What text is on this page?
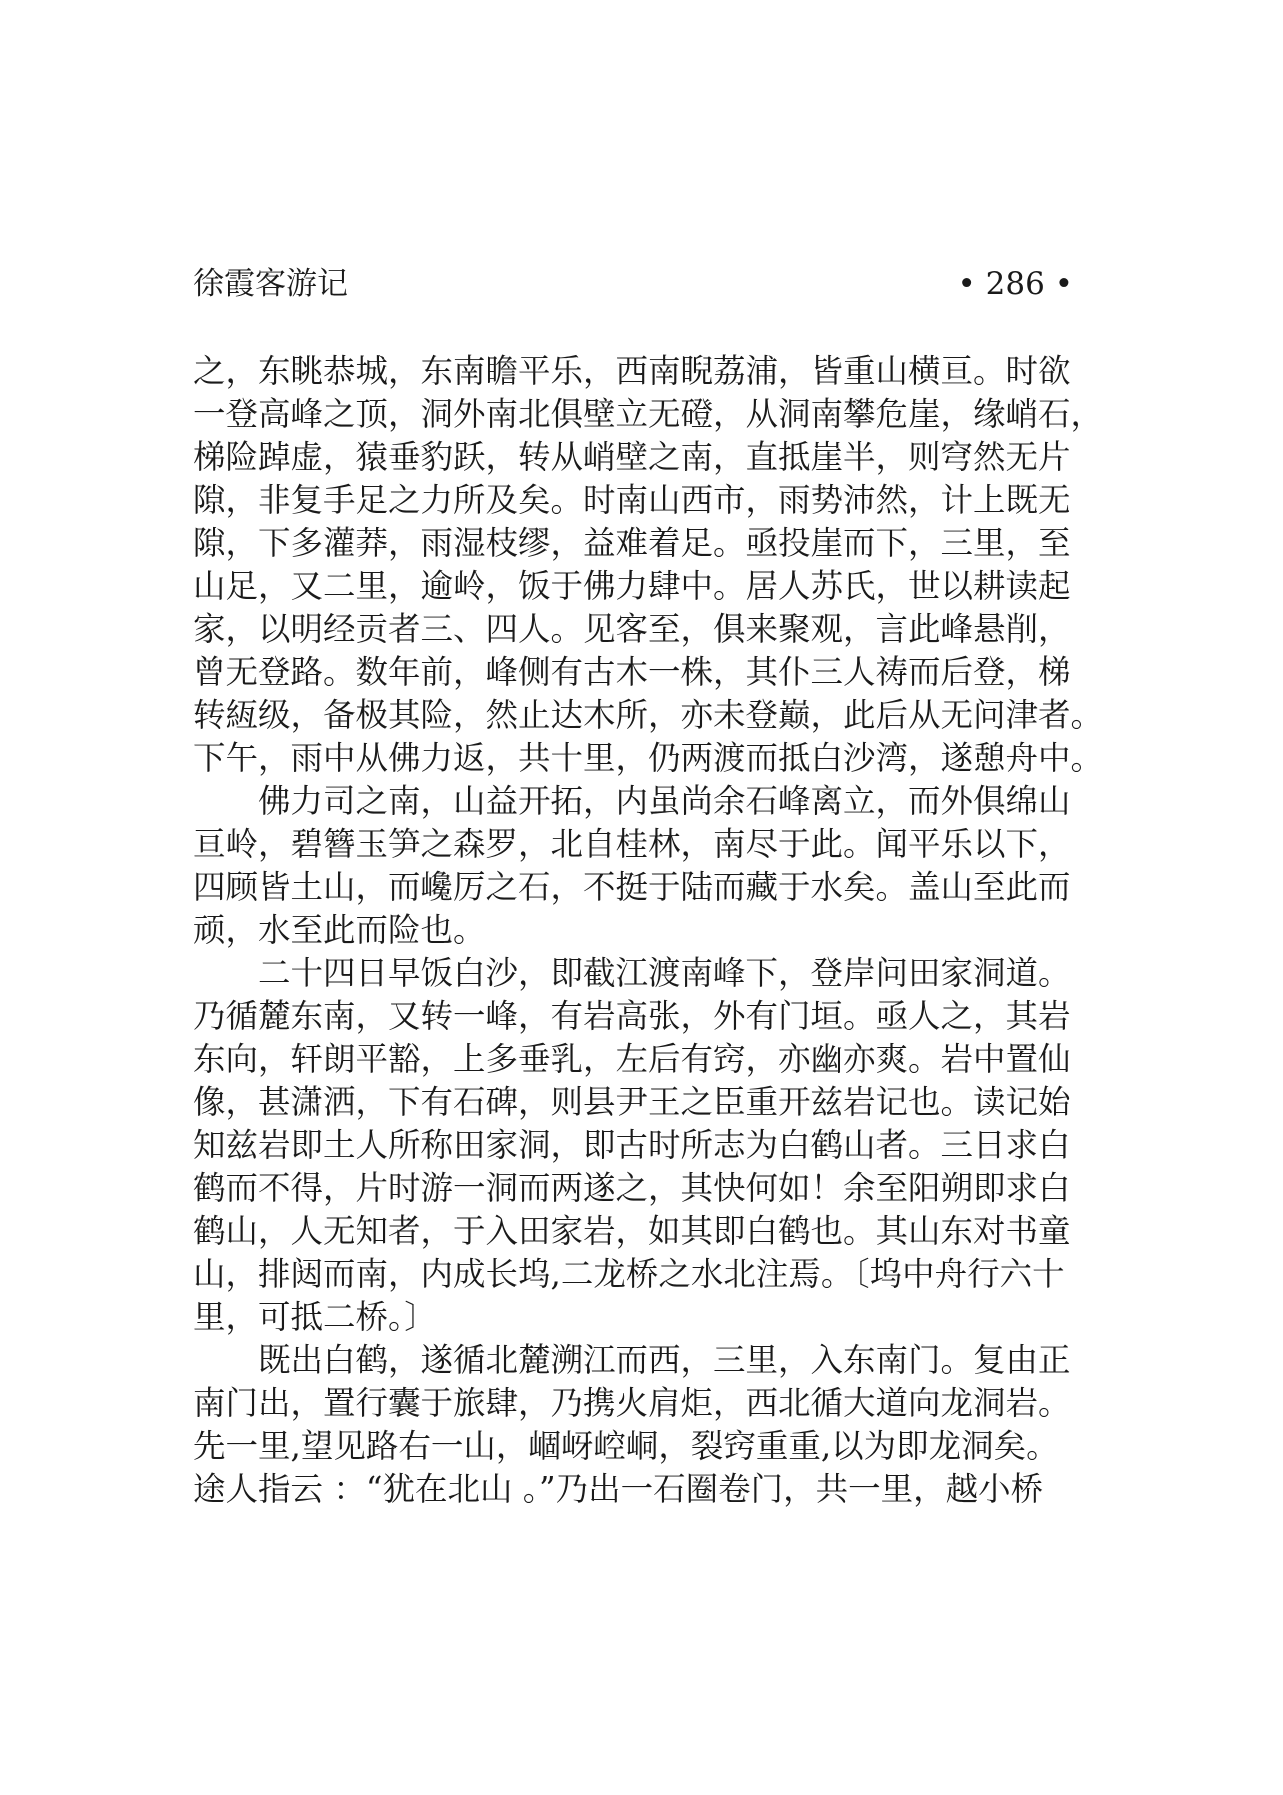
徐霞客游记	• 286 •
之，东眺恭城，东南瞻平乐，西南睨荔浦，皆重山横亘。时欲
一登高峰之顶，洞外南北俱壁立无磴，从洞南攀危崖，缘峭石，
梯险踔虚，猿垂豹跃，转从峭壁之南，直抵崖半，则穹然无片
隙，非复手足之力所及矣。时南山西市，雨势沛然，计上既无
隙，下多灌莽，雨湿枝缪，益难着足。亟投崖而下，三里，至
山足，又二里，逾岭，饭于佛力肆中。居人苏氏，世以耕读起
家，以明经贡者三、四人。见客至，俱来聚观，言此峰悬削，
曾无登路。数年前，峰侧有古木一株，其仆三人祷而后登，梯
转絚级，备极其险，然止达木所，亦未登巅，此后从无问津者。
下午，雨中从佛力返，共十里，仍两渡而抵白沙湾，遂憩舟中。
佛力司之南，山益开拓，内虽尚余石峰离立，而外俱绵山
亘岭，碧簪玉笋之森罗，北自桂林，南尽于此。闻平乐以下，
四顾皆土山，而巉厉之石，不挺于陆而藏于水矣。盖山至此而
顽，水至此而险也。
二十四日早饭白沙，即截江渡南峰下，登岸问田家洞道。
乃循麓东南，又转一峰，有岩高张，外有门垣。亟人之，其岩
东向，轩朗平豁，上多垂乳，左后有窍，亦幽亦爽。岩中置仙
像，甚潇洒，下有石碑，则县尹王之臣重开兹岩记也。读记始
知兹岩即土人所称田家洞，即古时所志为白鹤山者。三日求白
鹤而不得，片时游一洞而两遂之，其快何如！余至阳朔即求白
鹤山，人无知者，于入田家岩，如其即白鹤也。其山东对书童
山，排闼而南，内成长坞,二龙桥之水北注焉。〔坞中舟行六十
里，可抵二桥。〕
既出白鹤，遂循北麓溯江而西，三里，入东南门。复由正
南门出，置行囊于旅肆，乃携火肩炬，西北循大道向龙洞岩。
先一里,望见路右一山，崓岈崆峒，裂窍重重,以为即龙洞矣。
途人指云 ：“犹在北山 。”乃出一石圈卷门，共一里，越小桥
